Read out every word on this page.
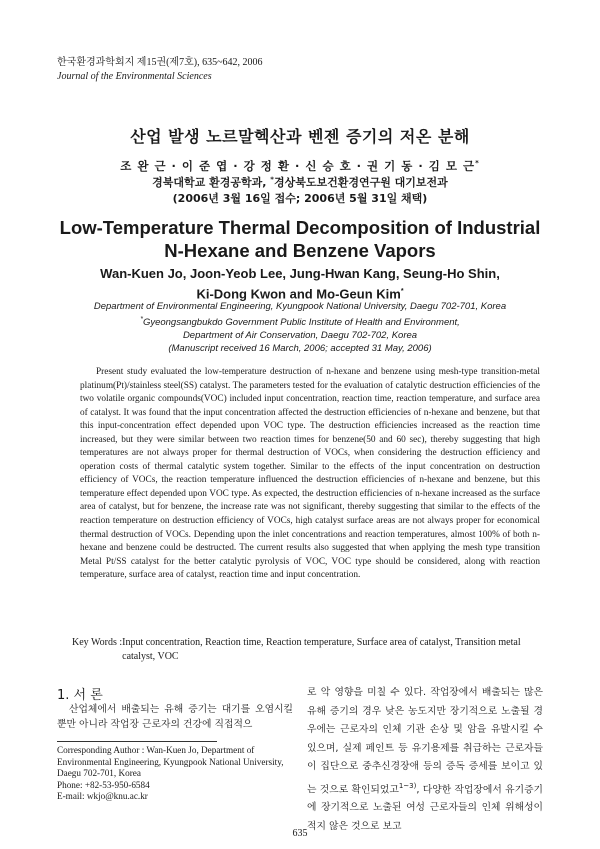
한국환경과학회지 제15권(제7호), 635~642, 2006
Journal of the Environmental Sciences
산업 발생 노르말헥산과 벤젠 증기의 저온 분해
조 완 근 · 이 준 엽 · 강 정 환 · 신 승 호 · 권 기 동 · 김 모 근*
경북대학교 환경공학과, *경상북도보건환경연구원 대기보전과
(2006년 3월 16일 접수; 2006년 5월 31일 채택)
Low-Temperature Thermal Decomposition of Industrial
N-Hexane and Benzene Vapors
Wan-Kuen Jo, Joon-Yeob Lee, Jung-Hwan Kang, Seung-Ho Shin,
Ki-Dong Kwon and Mo-Geun Kim*
Department of Environmental Engineering, Kyungpook National University, Daegu 702-701, Korea
*Gyeongsangbukdo Government Public Institute of Health and Environment,
Department of Air Conservation, Daegu 702-702, Korea
(Manuscript received 16 March, 2006; accepted 31 May, 2006)

Present study evaluated the low-temperature destruction of n-hexane and benzene using mesh-type transition-metal platinum(Pt)/stainless steel(SS) catalyst. The parameters tested for the evaluation of catalytic destruction efficiencies of the two volatile organic compounds(VOC) included input concentration, reaction time, reaction temperature, and surface area of catalyst. It was found that the input concentration affected the destruction efficiencies of n-hexane and benzene, but that this input-concentration effect depended upon VOC type. The destruction efficiencies increased as the reaction time increased, but they were similar between two reaction times for benzene(50 and 60 sec), thereby suggesting that high temperatures are not always proper for thermal destruction of VOCs, when considering the destruction efficiency and operation costs of thermal catalytic system together. Similar to the effects of the input concentration on destruction efficiency of VOCs, the reaction temperature influenced the destruction efficiencies of n-hexane and benzene, but this temperature effect depended upon VOC type. As expected, the destruction efficiencies of n-hexane increased as the surface area of catalyst, but for benzene, the increase rate was not significant, thereby suggesting that similar to the effects of the reaction temperature on destruction efficiency of VOCs, high catalyst surface areas are not always proper for economical thermal destruction of VOCs. Depending upon the inlet concentrations and reaction temperatures, almost 100% of both n-hexane and benzene could be destructed. The current results also suggested that when applying the mesh type transition Metal Pt/SS catalyst for the better catalytic pyrolysis of VOC, VOC type should be considered, along with reaction temperature, surface area of catalyst, reaction time and input concentration.

Key Words : Input concentration, Reaction time, Reaction temperature, Surface area of catalyst, Transition metal catalyst, VOC
1. 서 론

산업체에서 배출되는 유해 증기는 대기를 오염시킬 뿐만 아니라 작업장 근로자의 건강에 직접적으

Corresponding Author : Wan-Kuen Jo, Department of
Environmental Engineering, Kyungpook National University,
Daegu 702-701, Korea
Phone: +82-53-950-6584
E-mail: wkjo@knu.ac.kr

로 악 영향을 미칠 수 있다. 작업장에서 배출되는 많은 유해 증기의 경우 낮은 농도지만 장기적으로 노출될 경우에는 근로자의 인체 기관 손상 및 암을 유발시킬 수 있으며, 실제 페인트 등 유기용제를 취급하는 근로자들이 집단으로 중추신경장애 등의 증독 증세를 보이고 있는 것으로 확인되었고$^{1\sim 3)}$, 다양한 작업장에서 유기증기에 장기적으로 노출된 여성 근로자들의 인체 위해성이 적지 않은 것으로 보고

635
